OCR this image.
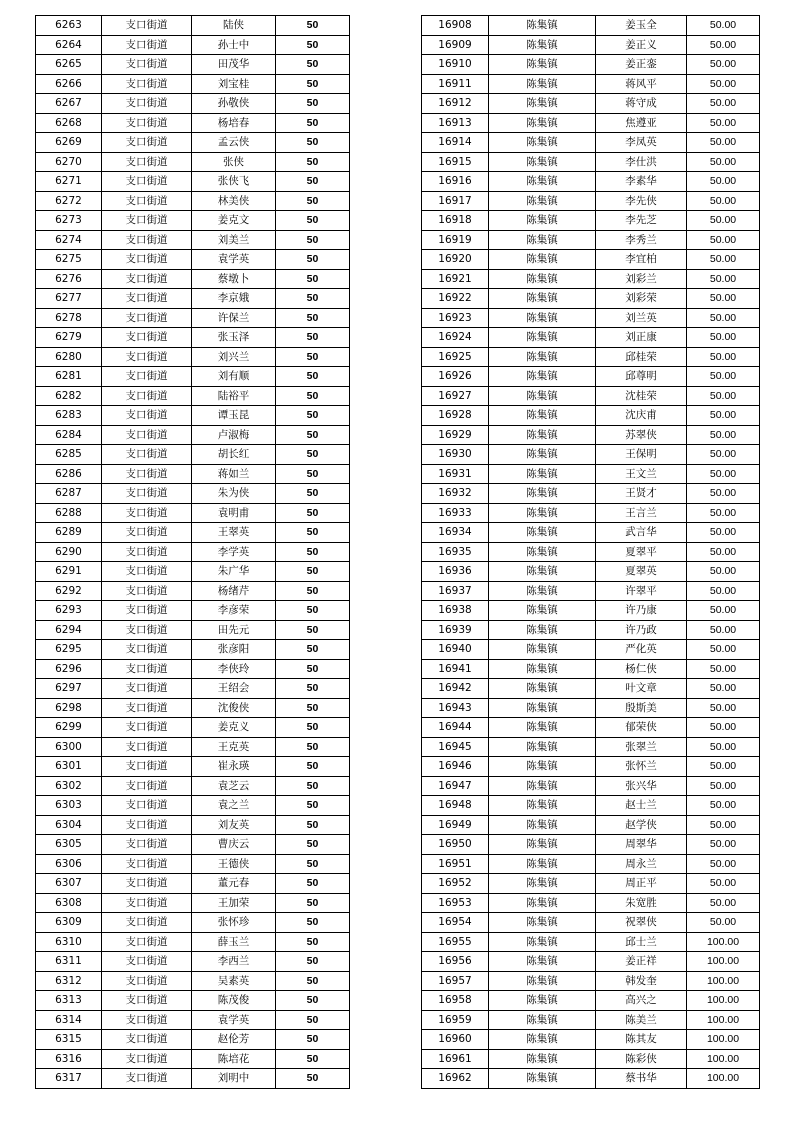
6263	支口街道	陆侠	50
6264	支口街道	孙士中	50
6265	支口街道	田茂华	50
6266	支口街道	刘宝桂	50
6267	支口街道	孙敬侠	50
6268	支口街道	杨培春	50
6269	支口街道	孟云侠	50
6270	支口街道	张侠	50
6271	支口街道	张侠飞	50
6272	支口街道	林美侠	50
6273	支口街道	姜克文	50
6274	支口街道	刘美兰	50
6275	支口街道	袁学英	50
6276	支口街道	蔡墩卜	50
6277	支口街道	李京娥	50
6278	支口街道	许保兰	50
6279	支口街道	张玉泽	50
6280	支口街道	刘兴兰	50
6281	支口街道	刘有顺	50
6282	支口街道	陆裕平	50
6283	支口街道	谭玉昆	50
6284	支口街道	卢淑梅	50
6285	支口街道	胡长红	50
6286	支口街道	蒋如兰	50
6287	支口街道	朱为侠	50
6288	支口街道	袁明甫	50
6289	支口街道	王翠英	50
6290	支口街道	李学英	50
6291	支口街道	朱广华	50
6292	支口街道	杨绪芹	50
6293	支口街道	李彦荣	50
6294	支口街道	田先元	50
6295	支口街道	张彦阳	50
6296	支口街道	李侠玲	50
6297	支口街道	王绍会	50
6298	支口街道	沈俊侠	50
6299	支口街道	姜克义	50
6300	支口街道	王克英	50
6301	支口街道	崔永瑛	50
6302	支口街道	袁芝云	50
6303	支口街道	袁之兰	50
6304	支口街道	刘友英	50
6305	支口街道	曹庆云	50
6306	支口街道	王德侠	50
6307	支口街道	董元春	50
6308	支口街道	王加荣	50
6309	支口街道	张怀珍	50
6310	支口街道	薛玉兰	50
6311	支口街道	李西兰	50
6312	支口街道	吴素英	50
6313	支口街道	陈茂俊	50
6314	支口街道	袁学英	50
6315	支口街道	赵伦芳	50
6316	支口街道	陈培花	50
6317	支口街道	刘明中	50
16908	陈集镇	姜玉全	50.00
16909	陈集镇	姜正义	50.00
16910	陈集镇	姜正銮	50.00
16911	陈集镇	蒋风平	50.00
16912	陈集镇	蒋守成	50.00
16913	陈集镇	焦遵亚	50.00
16914	陈集镇	李凤英	50.00
16915	陈集镇	李仕洪	50.00
16916	陈集镇	李素华	50.00
16917	陈集镇	李先侠	50.00
16918	陈集镇	李先芝	50.00
16919	陈集镇	李秀兰	50.00
16920	陈集镇	李宜柏	50.00
16921	陈集镇	刘彩兰	50.00
16922	陈集镇	刘彩荣	50.00
16923	陈集镇	刘兰英	50.00
16924	陈集镇	刘正康	50.00
16925	陈集镇	邱桂荣	50.00
16926	陈集镇	邱尊明	50.00
16927	陈集镇	沈桂荣	50.00
16928	陈集镇	沈庆甫	50.00
16929	陈集镇	苏翠侠	50.00
16930	陈集镇	王保明	50.00
16931	陈集镇	王文兰	50.00
16932	陈集镇	王贤才	50.00
16933	陈集镇	王言兰	50.00
16934	陈集镇	武言华	50.00
16935	陈集镇	夏翠平	50.00
16936	陈集镇	夏翠英	50.00
16937	陈集镇	许翠平	50.00
16938	陈集镇	许乃康	50.00
16939	陈集镇	许乃政	50.00
16940	陈集镇	严化英	50.00
16941	陈集镇	杨仁侠	50.00
16942	陈集镇	叶文章	50.00
16943	陈集镇	殷斯美	50.00
16944	陈集镇	郁荣侠	50.00
16945	陈集镇	张翠兰	50.00
16946	陈集镇	张怀兰	50.00
16947	陈集镇	张兴华	50.00
16948	陈集镇	赵士兰	50.00
16949	陈集镇	赵学侠	50.00
16950	陈集镇	周翠华	50.00
16951	陈集镇	周永兰	50.00
16952	陈集镇	周正平	50.00
16953	陈集镇	朱宽胜	50.00
16954	陈集镇	祝翠侠	50.00
16955	陈集镇	邱士兰	100.00
16956	陈集镇	姜正祥	100.00
16957	陈集镇	韩发奎	100.00
16958	陈集镇	高兴之	100.00
16959	陈集镇	陈美兰	100.00
16960	陈集镇	陈其友	100.00
16961	陈集镇	陈彩侠	100.00
16962	陈集镇	蔡书华	100.00
